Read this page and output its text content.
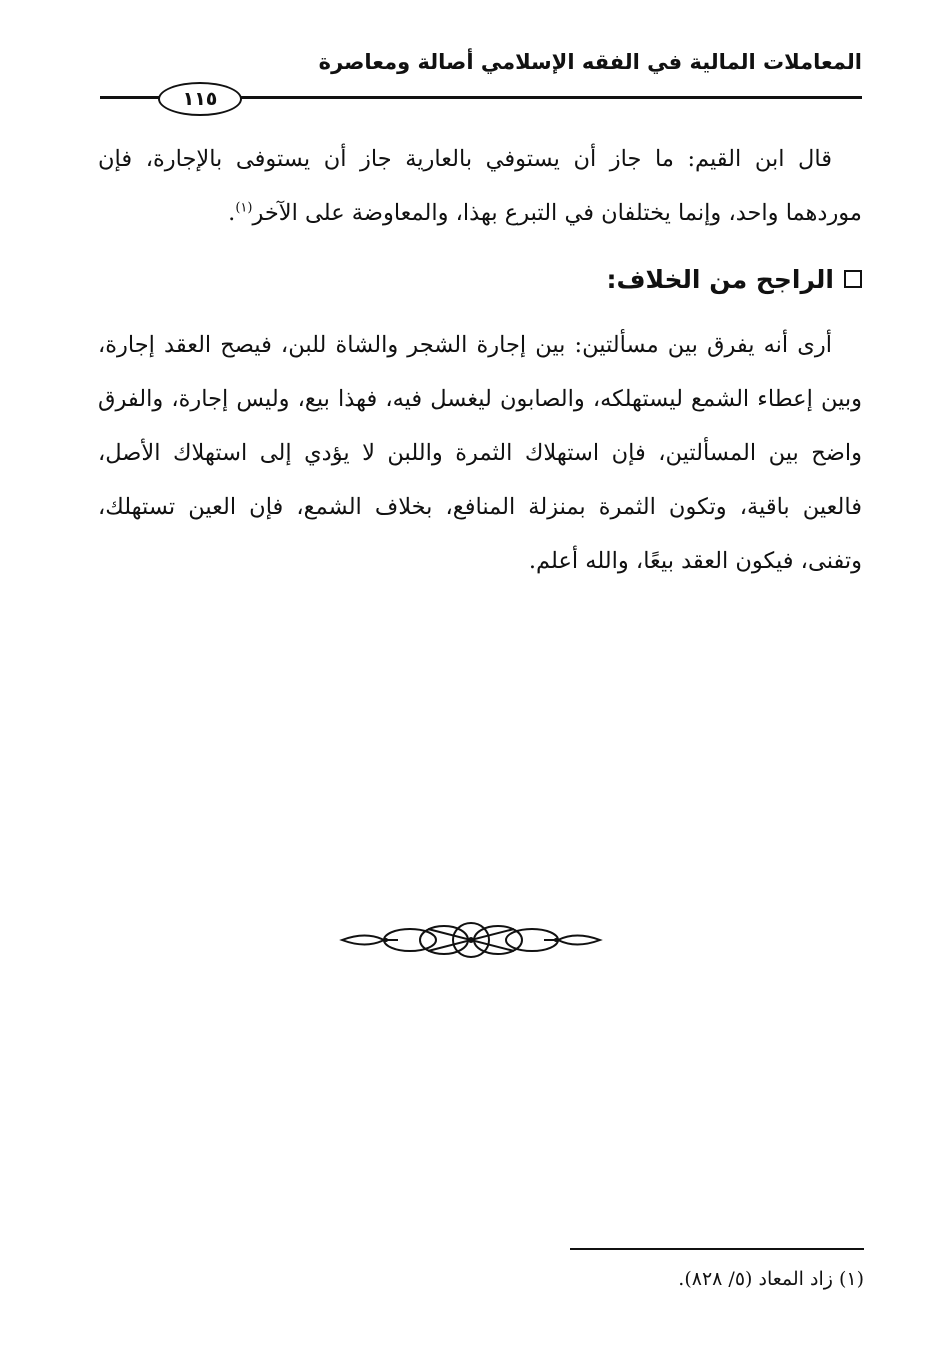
المعاملات المالية في الفقه الإسلامي أصالة ومعاصرة
١١٥

قال ابن القيم: ما جاز أن يستوفي بالعارية جاز أن يستوفى بالإجارة، فإن موردهما واحد، وإنما يختلفان في التبرع بهذا، والمعاوضة على الآخر$^{(١)}$.

الراجح من الخلاف:

أرى أنه يفرق بين مسألتين: بين إجارة الشجر والشاة للبن، فيصح العقد إجارة، وبين إعطاء الشمع ليستهلكه، والصابون ليغسل فيه، فهذا بيع، وليس إجارة، والفرق واضح بين المسألتين، فإن استهلاك الثمرة واللبن لا يؤدي إلى استهلاك الأصل، فالعين باقية، وتكون الثمرة بمنزلة المنافع، بخلاف الشمع، فإن العين تستهلك، وتفنى، فيكون العقد بيعًا، والله أعلم.

(١) زاد المعاد (٥/ ٨٢٨).
